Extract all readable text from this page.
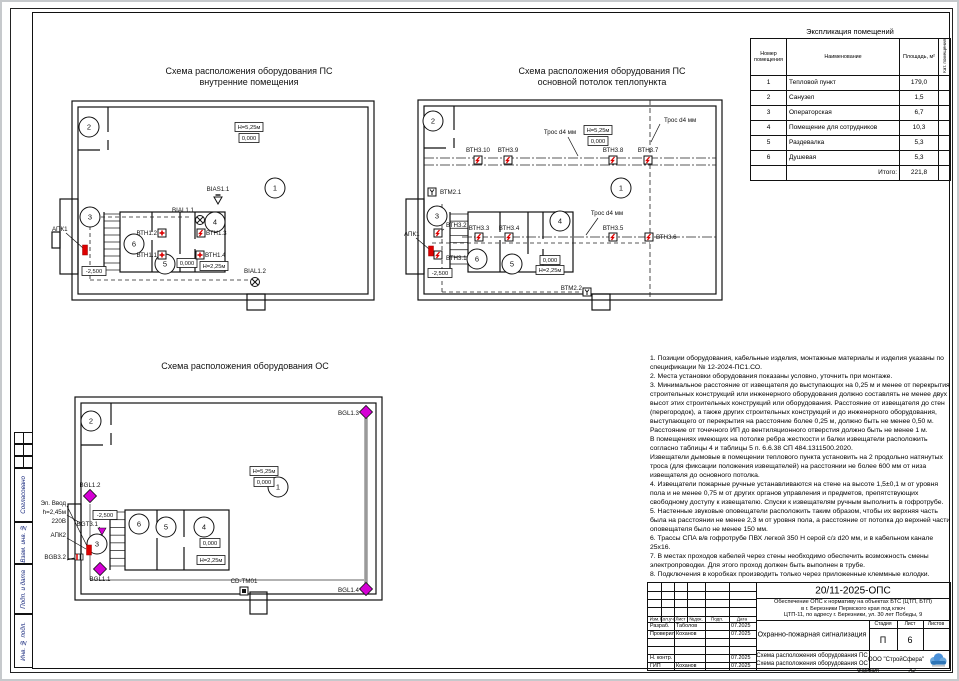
Согласовано
Взам. инв. №
Подп. и дата
Инв. № подл.
1
2
3
4
5
6
Н=5,25м
0,000
0,000 Н=2,25м
-2,500
ВТН1.2	ВТН1.3
ВТН1.1	ВТН1.4
BIAL1.1
BIAL1.2
BIAS1.1
АПК1
Схема расположения оборудования ПС
внутренние помещения
1
2
3
4
5
6
Н=5,25м
0,000
0,000
Н=2,25м
-2,500
ВТН3.10 ВТН3.9	ВТН3.8 ВТН3.7
ВТН3.3 ВТН3.4	ВТН3.5
ВТН3.6
ВТН3.2
ВТН3.1
ВТМ2.1
ВТМ2.2
АПК1
Трос d4 мм
Трос d4 мм
Трос d4 мм
Схема расположения оборудования ПС
основной потолок теплопункта
1
2
3
4
5
6
Н=5,25м
0,000
0,000
Н=2,25м
-2,500
BGL1.3
BGL1.4
BGL1.2
BGL1.1
BGT3.1
BGB3.2
АПК2
Эл. Ввод
h=2,45м
220В
CD-TM01
Схема расположения оборудования ОС
Экспликация помещений
Номер помещения	Наименование	Площадь, м²	Кат. помещения
1	Тепловой пункт	179,0	
2	Санузел	1,5	
3	Операторская	6,7	
4	Помещение для сотрудников	10,3	
5	Раздевалка	5,3	
6	Душевая	5,3	
	Итого:	221,8	

1. Позиции оборудования, кабельные изделия, монтажные материалы и изделия указаны по спецификации № 12-2024-ПС1.СО.

2. Места установки оборудования показаны условно, уточнить при монтаже.

3. Минимальное расстояние от извещателя до выступающих на 0,25 м и менее от перекрытия строительных конструкций или инженерного оборудования должно составлять не менее двух высот этих строительных конструкций или оборудования. Расстояние от извещателя до стен (перегородок), а также других строительных конструкций и до инженерного оборудования, выступающего от перекрытия на расстояние более 0,25 м, должно быть не менее 0,50 м. Расстояние от точечного ИП до вентиляционного отверстия должно быть не менее 1 м.

В помещениях имеющих на потолке ребра жесткости и балки извещатели расположить согласно таблицы 4 и таблицы 5 п. 6.6.38 СП 484.1311500.2020.

Извещатели дымовые в помещении теплового пункта установить на 2 продольно натянутых троса (для фиксации положения извещателей) на расстоянии не более 600 мм от низа извещателя до основного потолка.

4. Извещатели пожарные ручные устанавливаются на стене на высоте 1,5±0,1 м от уровня пола и не менее 0,75 м от других органов управления и предметов, препятствующих свободному доступу к извещателю. Спуски к извещателям ручным выполнить в гофротрубе.

5. Настенные звуковые оповещатели расположить таким образом, чтобы их верхняя часть была на расстоянии не менее 2,3 м от уровня пола, а расстояние от потолка до верхней части оповещателя было не менее 150 мм.

6. Трассы СПА в/в гофротрубе ПВХ легкой 350 Н серой с/з d20 мм, и в кабельном канале 25x16.

7. В местах проходов кабелей через стены необходимо обеспечить возможность смены электропроводки. Для этого проход должен быть выполнен в трубе.

8. Подключения в коробках производить только через приложенные клеммные колодки.

20/11-2025-ОПС
Обеспечение ОПС к нормативу на объектах БТС (ЦТП, БТП)
в г. Березники Пермского края под ключ
ЦТП-11, по адресу г. Березники, ул. 30 лет Победы, 9
Охранно-пожарная сигнализация
Схема расположения оборудования ПС
Схема расположения оборудования ОС
Стадия	Лист Листов
П 6
ООО "СтройСфера"
Изм. Кол.уч. Лист №док. Подп.	Дата
Разраб. Таболов	07.2025
Проверил Коханов	07.2025
Н. контр.	07.2025
ГИП	Коханов	07.2025
Формат	А2
